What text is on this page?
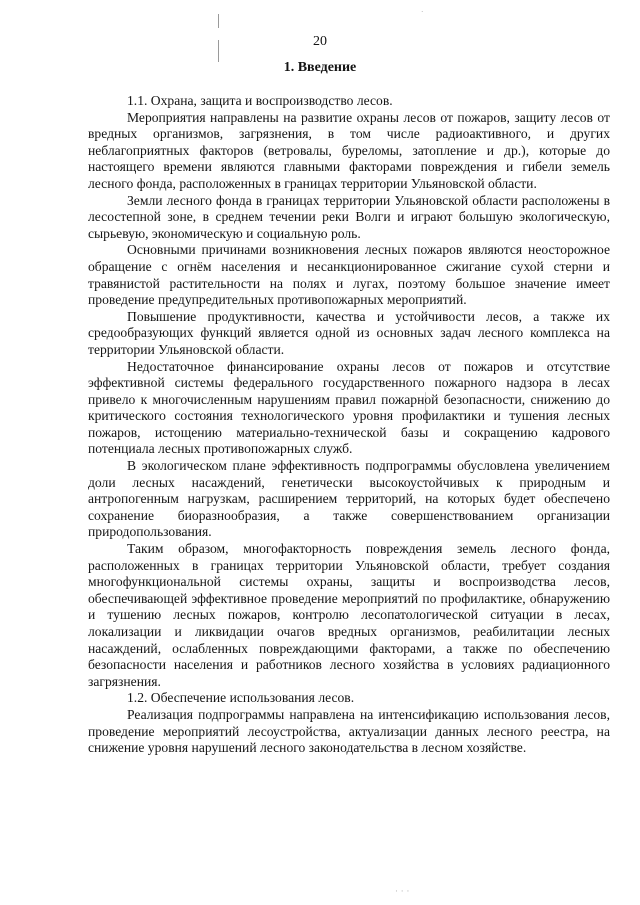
˙
20
1. Введение

1.1. Охрана, защита и воспроизводство лесов.

Мероприятия направлены на развитие охраны лесов от пожаров, защиту лесов от вредных организмов, загрязнения, в том числе радиоактивного, и других неблагоприятных факторов (ветровалы, буреломы, затопление и др.), которые до настоящего времени являются главными факторами повреждения и гибели земель лесного фонда, расположенных в границах территории Ульяновской области.

Земли лесного фонда в границах территории Ульяновской области расположены в лесостепной зоне, в среднем течении реки Волги и играют большую экологическую, сырьевую, экономическую и социальную роль.

Основными причинами возникновения лесных пожаров являются неосторожное обращение с огнём населения и несанкционированное сжигание сухой стерни и травянистой растительности на полях и лугах, поэтому большое значение имеет проведение предупредительных противопожарных мероприятий.

Повышение продуктивности, качества и устойчивости лесов, а также их средообразующих функций является одной из основных задач лесного комплекса на территории Ульяновской области.

Недостаточное финансирование охраны лесов от пожаров и отсутствие эффективной системы федерального государственного пожарного надзора в лесах привело к многочисленным нарушениям правил пожарной безопасности, снижению до критического состояния технологического уровня профилактики и тушения лесных пожаров, истощению материально-технической базы и сокращению кадрового потенциала лесных противопожарных служб.

В экологическом плане эффективность подпрограммы обусловлена увеличением доли лесных насаждений, генетически высокоустойчивых к природным и антропогенным нагрузкам, расширением территорий, на которых будет обеспечено сохранение биоразнообразия, а также совершенствованием организации природопользования.

Таким образом, многофакторность повреждения земель лесного фонда, расположенных в границах территории Ульяновской области, требует создания многофункциональной системы охраны, защиты и воспроизводства лесов, обеспечивающей эффективное проведение мероприятий по профилактике, обнаружению и тушению лесных пожаров, контролю лесопатологической ситуации в лесах, локализации и ликвидации очагов вредных организмов, реабилитации лесных насаждений, ослабленных повреждающими факторами, а также по обеспечению безопасности населения и работников лесного хозяйства в условиях радиационного загрязнения.

1.2. Обеспечение использования лесов.

Реализация подпрограммы направлена на интенсификацию использования лесов, проведение мероприятий лесоустройства, актуализации данных лесного реестра, на снижение уровня нарушений лесного законодательства в лесном хозяйстве.

· · ·
